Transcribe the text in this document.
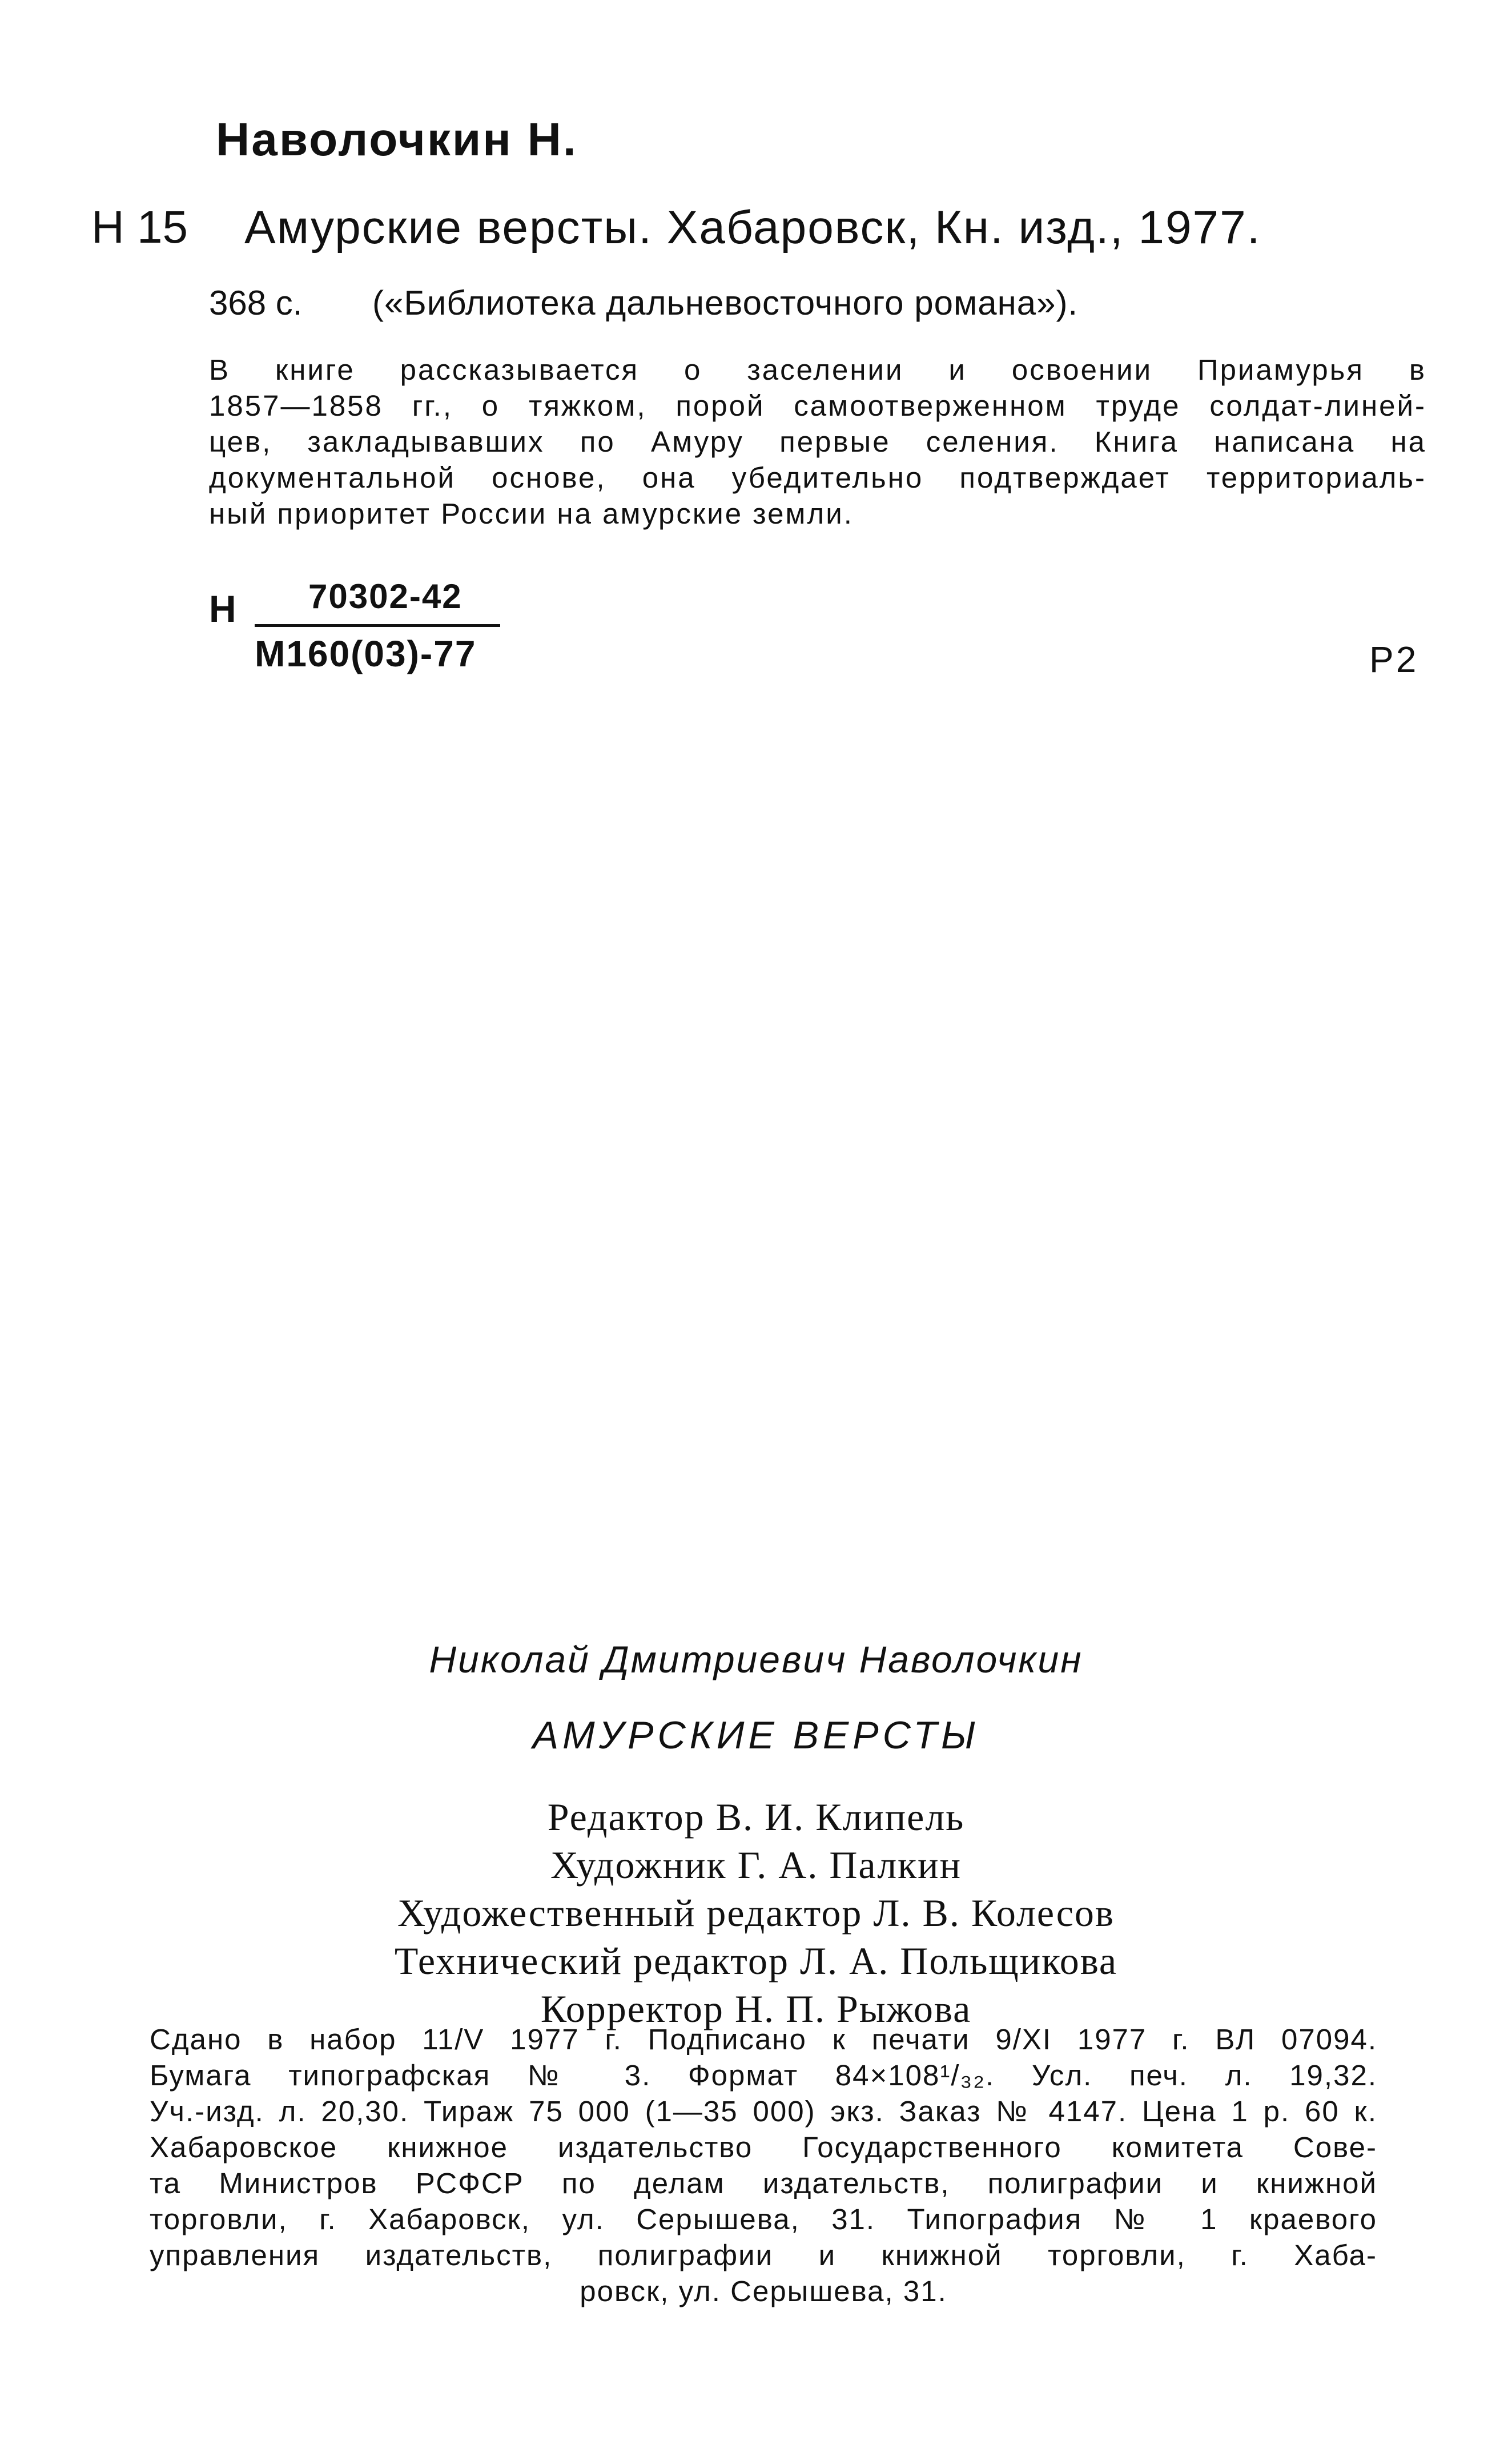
Наволочкин Н.
Н 15 Амурские версты. Хабаровск, Кн. изд., 1977.
368 с. («Библиотека дальневосточного романа»).
В книге рассказывается о заселении и освоении Приамурья в
1857—1858 гг., о тяжком, порой самоотверженном труде солдат-линей-
цев, закладывавших по Амуру первые селения. Книга написана на
документальной основе, она убедительно подтверждает территориаль-
ный приоритет России на амурские земли.
Н 70302-42
М160(03)-77	Р2
Николай Дмитриевич Наволочкин
АМУРСКИЕ ВЕРСТЫ
Редактор В. И. Клипель
Художник Г. А. Палкин
Художественный редактор Л. В. Колесов
Технический редактор Л. А. Польщикова
Корректор Н. П. Рыжова
Сдано в набор 11/V 1977 г. Подписано к печати 9/XI 1977 г. ВЛ 07094.
Бумага типографская № 3. Формат 84×108¹/₃₂. Усл. печ. л. 19,32.
Уч.-изд. л. 20,30. Тираж 75 000 (1—35 000) экз. Заказ № 4147. Цена 1 р. 60 к.
Хабаровское книжное издательство Государственного комитета Сове-
та Министров РСФСР по делам издательств, полиграфии и книжной
торговли, г. Хабаровск, ул. Серышева, 31. Типография № 1 краевого
управления издательств, полиграфии и книжной торговли, г. Хаба-
ровск, ул. Серышева, 31.
